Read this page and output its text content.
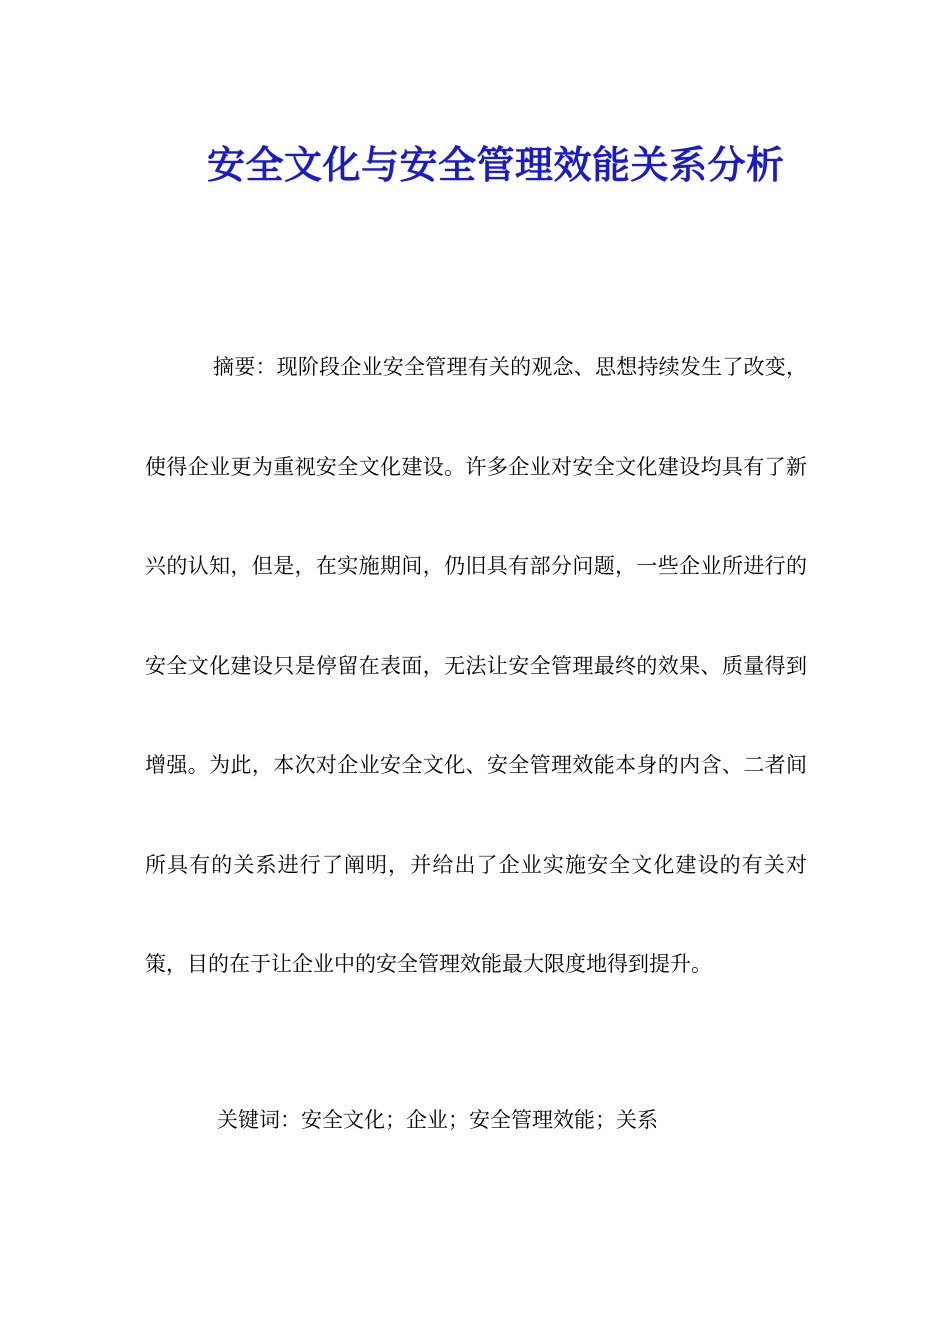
安全文化与安全管理效能关系分析

摘要：现阶段企业安全管理有关的观念、思想持续发生了改变，使得企业更为重视安全文化建设。许多企业对安全文化建设均具有了新兴的认知，但是，在实施期间，仍旧具有部分问题，一些企业所进行的安全文化建设只是停留在表面，无法让安全管理最终的效果、质量得到增强。为此，本次对企业安全文化、安全管理效能本身的内含、二者间所具有的关系进行了阐明，并给出了企业实施安全文化建设的有关对策，目的在于让企业中的安全管理效能最大限度地得到提升。

关键词：安全文化；企业；安全管理效能；关系
